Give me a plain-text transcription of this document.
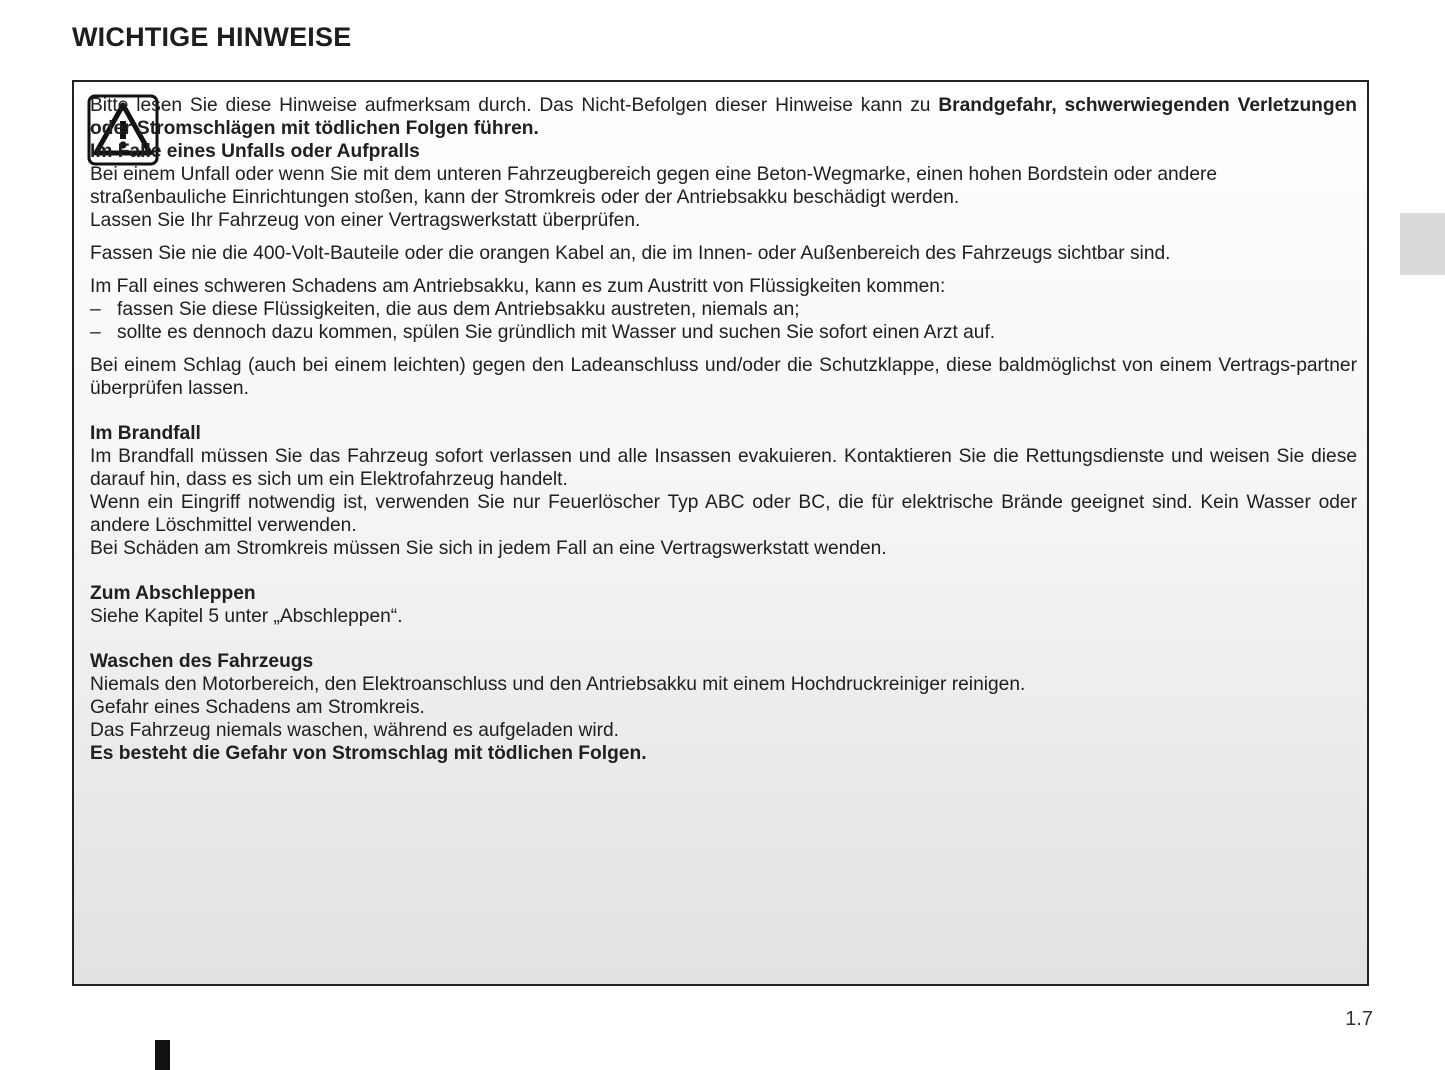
WICHTIGE HINWEISE

Bitte lesen Sie diese Hinweise aufmerksam durch. Das Nicht-Befolgen dieser Hinweise kann zu Brandgefahr, schwerwiegenden Verletzungen oder Stromschlägen mit tödlichen Folgen führen.

Im Falle eines Unfalls oder Aufpralls

Bei einem Unfall oder wenn Sie mit dem unteren Fahrzeugbereich gegen eine Beton-Wegmarke, einen hohen Bordstein oder andere

straßenbauliche Einrichtungen stoßen, kann der Stromkreis oder der Antriebsakku beschädigt werden.

Lassen Sie Ihr Fahrzeug von einer Vertragswerkstatt überprüfen.

Fassen Sie nie die 400-Volt-Bauteile oder die orangen Kabel an, die im Innen- oder Außenbereich des Fahrzeugs sichtbar sind.

Im Fall eines schweren Schadens am Antriebsakku, kann es zum Austritt von Flüssigkeiten kommen:

– fassen Sie diese Flüssigkeiten, die aus dem Antriebsakku austreten, niemals an;
– sollte es dennoch dazu kommen, spülen Sie gründlich mit Wasser und suchen Sie sofort einen Arzt auf.

Bei einem Schlag (auch bei einem leichten) gegen den Ladeanschluss und/oder die Schutzklappe, diese baldmöglichst von einem Vertrags-partner überprüfen lassen.

Im Brandfall

Im Brandfall müssen Sie das Fahrzeug sofort verlassen und alle Insassen evakuieren. Kontaktieren Sie die Rettungsdienste und weisen Sie diese darauf hin, dass es sich um ein Elektrofahrzeug handelt.

Wenn ein Eingriff notwendig ist, verwenden Sie nur Feuerlöscher Typ ABC oder BC, die für elektrische Brände geeignet sind. Kein Wasser oder andere Löschmittel verwenden.

Bei Schäden am Stromkreis müssen Sie sich in jedem Fall an eine Vertragswerkstatt wenden.

Zum Abschleppen

Siehe Kapitel 5 unter „Abschleppen“.

Waschen des Fahrzeugs

Niemals den Motorbereich, den Elektroanschluss und den Antriebsakku mit einem Hochdruckreiniger reinigen.

Gefahr eines Schadens am Stromkreis.

Das Fahrzeug niemals waschen, während es aufgeladen wird.

Es besteht die Gefahr von Stromschlag mit tödlichen Folgen.

1.7
